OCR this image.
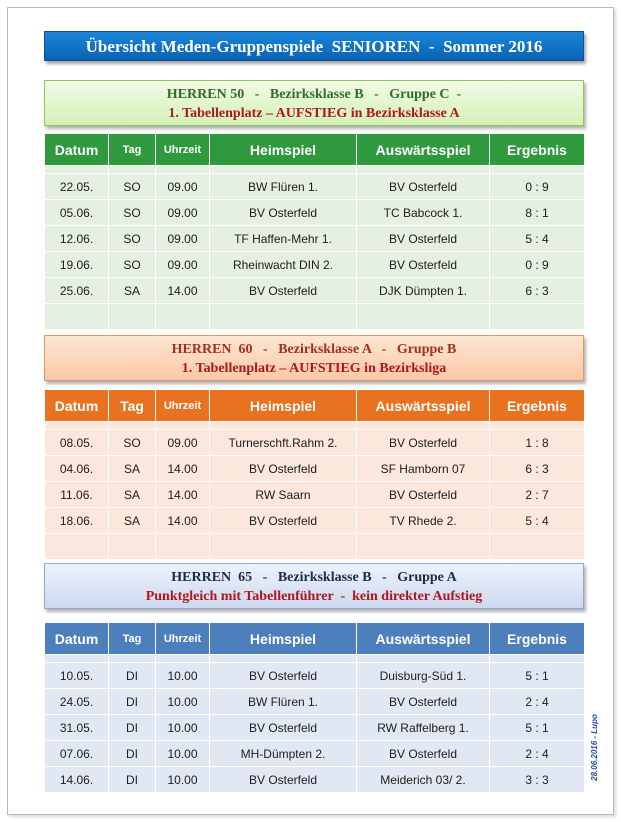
Übersicht Meden-Gruppenspiele  SENIOREN  -  Sommer 2016
HERREN 50   -   Bezirksklasse B   -   Gruppe C  -
1. Tabellenplatz – AUFSTIEG in Bezirksklasse A
Datum	Tag	Uhrzeit	Heimspiel	Auswärtsspiel	Ergebnis

22.05.	SO	09.00	BW Flüren 1.	BV Osterfeld	0 : 9
05.06.	SO	09.00	BV Osterfeld	TC Babcock 1.	8 : 1
12.06.	SO	09.00	TF Haffen-Mehr 1.	BV Osterfeld	5 : 4
19.06.	SO	09.00	Rheinwacht DIN 2.	BV Osterfeld	0 : 9
25.06.	SA	14.00	BV Osterfeld	DJK Dümpten 1.	6 : 3

HERREN  60   -   Bezirksklasse A   -   Gruppe B
1. Tabellenplatz – AUFSTIEG in Bezirksliga
Datum	Tag	Uhrzeit	Heimspiel	Auswärtsspiel	Ergebnis

08.05.	SO	09.00	Turnerschft.Rahm 2.	BV Osterfeld	1 : 8
04.06.	SA	14.00	BV Osterfeld	SF Hamborn 07	6 : 3
11.06.	SA	14.00	RW Saarn	BV Osterfeld	2 : 7
18.06.	SA	14.00	BV Osterfeld	TV Rhede 2.	5 : 4

HERREN  65   -   Bezirksklasse B   -   Gruppe A
Punktgleich mit Tabellenführer  -  kein direkter Aufstieg
Datum	Tag	Uhrzeit	Heimspiel	Auswärtsspiel	Ergebnis

10.05.	DI	10.00	BV Osterfeld	Duisburg-Süd 1.	5 : 1
24.05.	DI	10.00	BW Flüren 1.	BV Osterfeld	2 : 4
31.05.	DI	10.00	BV Osterfeld	RW Raffelberg 1.	5 : 1
07.06.	DI	10.00	MH-Dümpten 2.	BV Osterfeld	2 : 4
14.06.	DI	10.00	BV Osterfeld	Meiderich 03/ 2.	3 : 3	28.06.2016 - Lupo
